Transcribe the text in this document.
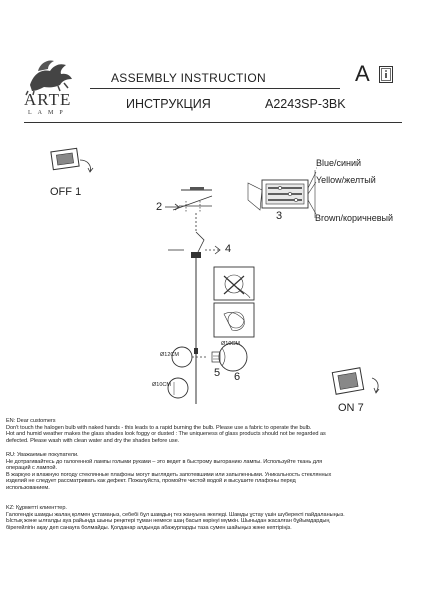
ARTE
LAMP
ASSEMBLY INSTRUCTION
ИНСТРУКЦИЯ	A2243SP-3BK
A
OFF 1
ON 7
Blue/синий
Yellow/желтый
Brown/коричневый
2
3
4
5 6
Ø12CM
Ø10CM
Ø10CM
EN: Dear customers
Don't touch the halogen bulb with naked hands - this leads to a rapid burning the bulb. Please use a fabric to operate the bulb.
Hot and humid weather makes the glass shades look foggy or dusted : The uniqueness of glass products should not be regarded as
defected. Please wash with clean water and dry the shades before use.
RU: Уважаемые покупатели.
Не дотрагивайтесь до галогенной лампы голыми руками – это ведет в быстрому выгоранию лампы. Используйте ткань для
операций с лампой.
В жаркую и влажную погоду стеклянные плафоны могут выглядеть запотевшими или запыленными. Уникальность стеклянных
изделий не следует рассматривать как дефект. Пожалуйста, промойте чистой водой и высушите плафоны перед
использованием.
KZ: Құрметті клиенттер.
Галогендік шамды жалаң қолмен ұстамаңыз, себебі бұл шамдың тез жануына әкеледі. Шамды ұстау үшін шүберекті пайдаланыңыз.
Ыстық және ылғалды ауа райында шыны реңктері тұман немесе шаң басып көрінуі мүмкін. Шыныдан жасалған бұйымдардың
бірегейлігін ақау деп санауға болмайды. Қолданар алдында абажурларды таза сумен шайыңыз және кептіріңіз.
